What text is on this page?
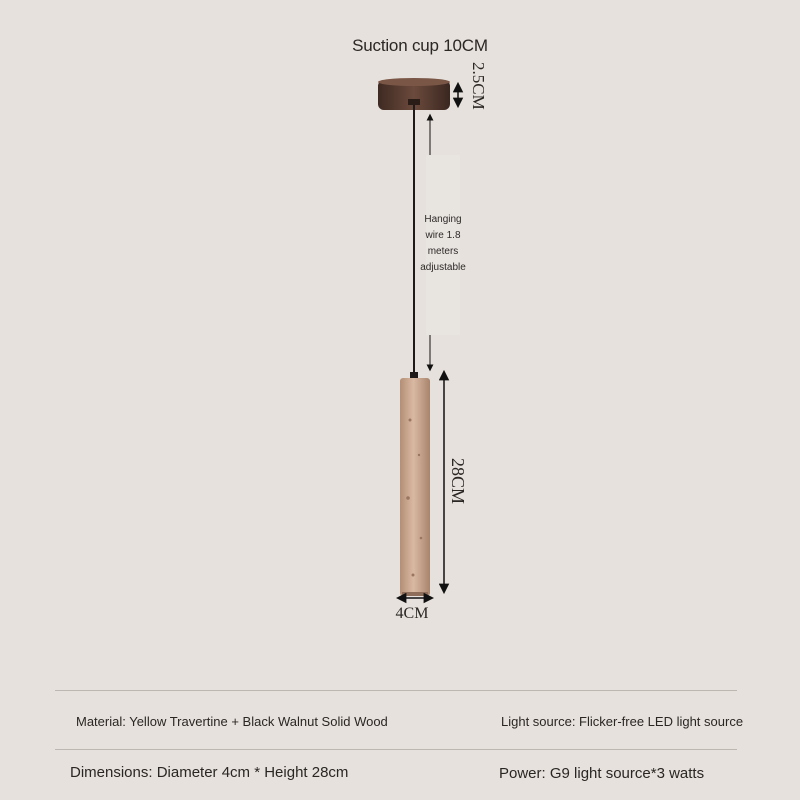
Suction cup 10CM
2.5CM
Hanging
wire 1.8
meters
adjustable
28CM
4CM
Material: Yellow Travertine + Black Walnut Solid Wood	Light source: Flicker-free LED light source
Dimensions: Diameter 4cm * Height 28cm	Power: G9 light source*3 watts
